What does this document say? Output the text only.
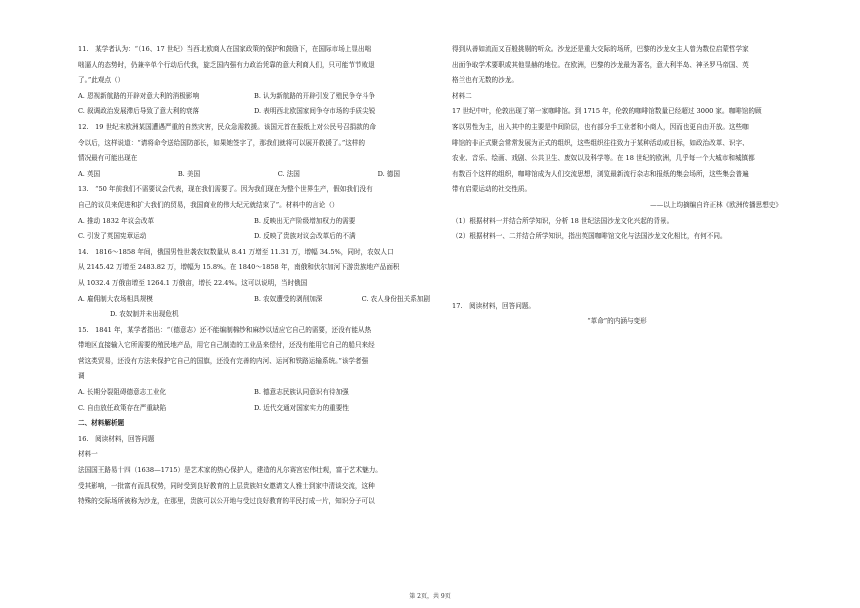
11.　某学者认为：“（16、17 世纪）当西北欧商人在国家政策的保护和鼓励下，在国际市场上显出咄

咄逼人的态势时，仍兼辛单个行动后代我，旋乏国内强有力政治凭靠的意大利商人们，只可能节节败退

了。”此观点（）

A. 恩视新航路的开辟对意大利的消极影响	B. 认为新航路的开辟引发了殖民争夺斗争
C. 叙调政治发展滞后导致了意大利的衰落	D. 表明西北欧国家间争夺市场的手质尖锐

12.　19 世纪末欧洲某国遭遇严重的自然灾害，民众急需救援。该国元首在报纸上对公民号召捐款的命

令以后，这样说道：“请将命令送给国防部长，如果她签字了，那我们就将可以展开救援了。”这样的

情况最有可能出现在

A. 英国	B. 美国	C. 法国	D. 德国

13.　“50 年前我们不需要议会代表，现在我们需要了。因为我们现在为整个世界生产，假如我们没有

自己的议员来促进和扩大我们的贸易，我国商业的伟大纪元就结束了”。材料中的言论（）

A. 推动 1832 年议会改革	B. 反映出无产阶级增加权力的需要
C. 引发了英国宪章运动	D. 反映了贵族对议会改革后的不满

14.　1816～1858 年间，俄国男性世袭农奴数量从 8.41 万增至 11.31 万，增幅 34.5%，同时，农奴人口

从 2145.42 万增至 2483.82 万，增幅为 15.8%。在 1840～1858 年，南俄和伏尔加河下游贵族地产品面积

从 1032.4 万俄亩增至 1264.1 万俄亩，增长 22.4%。这可以说明，当时俄国

A. 雇佣制大农场相具规模	B. 农奴遭受的剥削加深	C. 农人身份扭关系加剧
D. 农奴制并未出现危机

15.　1841 年，某学者指出：“（德意志）还不能编制棉纱和麻纱以适应它自己的需要，还没有能从热

带地区直接输入它所需要的殖民地产品，用它自己制造的工业品来偿付，还没有能用它自己的船只来经

营这类贸易，还没有方法来保护它自己的国旗，还没有完善的内河、运河和铁路运输系统。”该学者强

调

A. 长期分裂阻碍德意志工业化	B. 德意志民族认同意识有待加强
C. 自由放任政策存在严重缺陷	D. 近代交通对国家实力的重要性

二、材料解析题

16.　阅读材料，回答问题

材料一

法国国王路易十四（1638—1715）是艺术家的热心保护人，建造的凡尔赛宫宏伟壮观，富于艺术魅力。

受其影响，一批富有而具权势，同时受到良好教育的上层贵族妇女邀请文人雅士到家中清谈交流，这种

特殊的交际场所被称为沙龙，在那里，贵族可以公开地与受过良好教育的平民打成一片，知识分子可以

得到从善如流而又百般挑剔的听众。沙龙还是重大交际的场所，巴黎的沙龙女主人曾为数位启蒙哲学家

出面争取学术要职或其他显赫的地位。在欧洲，巴黎的沙龙最为著名，意大利半岛、神圣罗马帝国、英

格兰也有无数的沙龙。

材料二

17 世纪中叶，伦敦出现了第一家咖啡馆。到 1715 年，伦敦的咖啡馆数量已经超过 3000 家。咖啡馆的顾

客以男性为主，出入其中的主要是中间阶层，也有部分手工业者和小商人，因而也更自由开放。这些咖

啡馆的非正式聚会常常发展为正式的组织，这些组织往往致力于某种活动或目标，如政治改革、识字、

农业、音乐、绘画、戏剧、公共卫生、废奴以及科学等。在 18 世纪的欧洲，几乎每一个大城市和城镇都

有数百个这样的组织，咖啡馆成为人们交流思想，浏览最新流行杂志和报纸的集会场所，这些集会普遍

带有启蒙运动的社交性质。

——以上均摘编自许正林《欧洲传播思想史》

（1）根据材料一并结合所学知识，分析 18 世纪法国沙龙文化兴起的背景。

（2）根据材料一、二并结合所学知识，指出英国咖啡馆文化与法国沙龙文化相比，有何不同。

17.　阅读材料，回答问题。

“革命”的内涵与变形

第 2页，共 9页
